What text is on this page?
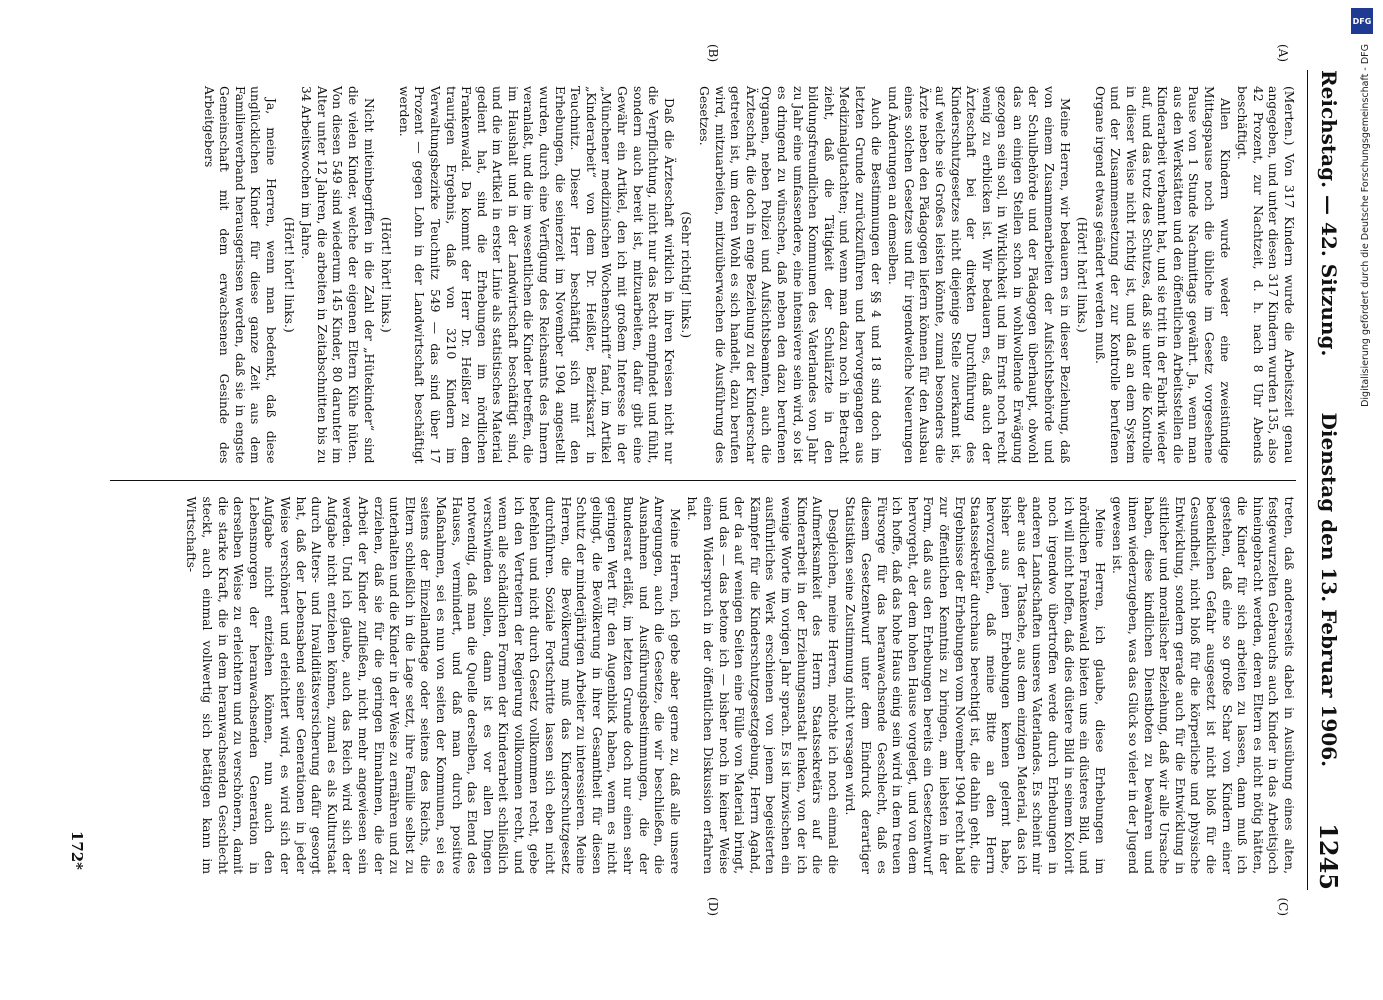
Reichstag. — 42. Sitzung.
Dienstag den 13. Februar 1906.
1245
(A)
(B)
(C)
(D)

(Merten.) Von 317 Kindern wurde die Arbeitszeit genau angegeben, und unter diesen 317 Kindern wurden 135, also 42 Prozent, zur Nachtzeit, d. h. nach 8 Uhr Abends beschäftigt.

Allen Kindern wurde weder eine zweistündige Mittagspause noch die übliche im Gesetz vorgesehene Pause von 1 Stunde Nachmittags gewährt. Ja, wenn man aus den Werkstätten und den öffentlichen Arbeitsstellen die Kinderarbeit verbannt hat, und sie tritt in der Fabrik wieder auf, und das trotz des Schutzes, daß sie unter die Kontrolle in dieser Weise nicht richtig ist, und daß an dem System und der Zusammensetzung der zur Kontrolle berufenen Organe irgend etwas geändert werden muß.

(Hört! hört! links.)

Meine Herren, wir bedauern es in dieser Beziehung, daß von einem Zusammenarbeiten der Aufsichtsbehörde und der Schulbehörde und der Pädagogen überhaupt, obwohl das an einigen Stellen schon in wohlwollende Erwägung gezogen sein soll, in Wirklichkeit und im Ernst noch recht wenig zu erblicken ist. Wir bedauern es, daß auch der Ärzteschaft bei der direkten Durchführung des Kinderschutzgesetzes nicht diejenige Stelle zuerkannt ist, auf welche sie Großes leisten könnte, zumal besonders die Ärzte neben den Pädagogen liefern können für den Ausbau eines solchen Gesetzes und für irgendwelche Neuerungen und Änderungen an demselben.

Auch die Bestimmungen der §§ 4 und 18 sind doch im letzten Grunde zurückzuführen und hervorgegangen aus Medizinalgutachten; und wenn man dazu noch in Betracht zieht, daß die Tätigkeit der Schulärzte in den bildungsfreundlichen Kommunen des Vaterlandes von Jahr zu Jahr eine umfassendere, eine intensivere sein wird, so ist es dringend zu wünschen, daß neben den dazu berufenen Organen, neben Polizei und Aufsichtsbeamten, auch die Ärzteschaft, die doch in enge Beziehung zu der Kinderschar getreten ist, um deren Wohl es sich handelt, dazu berufen wird, mitzuarbeiten, mitzuüberwachen die Ausführung des Gesetzes.

(Sehr richtig! links.)

Daß die Ärzteschaft wirklich in ihren Kreisen nicht nur die Verpflichtung, nicht nur das Recht empfindet und fühlt, sondern auch bereit ist, mitzuarbeiten, dafür gibt eine Gewähr ein Artikel, den ich mit großem Interesse in der „Münchener medizinischen Wochenschrift“ fand, im Artikel „Kinderarbeit“ von dem Dr. Heißler, Bezirksarzt in Teuchnitz. Dieser Herr beschäftigt sich mit den Erhebungen, die seinerzeit im November 1904 angestellt wurden, durch eine Verfügung des Reichsamts des Innern veranlaßt, und die im wesentlichen die Kinder betreffen, die im Haushalt und in der Landwirtschaft beschäftigt sind, und die im Artikel in erster Linie als statistisches Material gedient hat, sind die Erhebungen im nördlichen Frankenwald. Da kommt der Herr Dr. Heißler zu dem traurigen Ergebnis, daß von 3210 Kindern im Verwaltungsbezirke Teuchnitz 549 — das sind über 17 Prozent — gegen Lohn in der Landwirtschaft beschäftigt werden.

(Hört! hört! links.)

Nicht miteinbegriffen in die Zahl der „Hütekinder“ sind die vielen Kinder, welche der eigenen Eltern Kühe hüten. Von diesen 549 sind wiederum 145 Kinder, 80 darunter im Alter unter 12 Jahren, die arbeiten in Zeitabschnitten bis zu 34 Arbeitswochen im Jahre.

(Hört! hört! links.)

Ja, meine Herren, wenn man bedenkt, daß diese unglücklichen Kinder für diese ganze Zeit aus dem Familienverband herausgerissen werden, daß sie in engste Gemeinschaft mit dem erwachsenen Gesinde des Arbeitgebers

treten, daß andererseits dabei in Ausübung eines alten, festgewurzelten Gebrauchs auch Kinder in das Arbeitsjoch hineingebracht werden, deren Eltern es nicht nötig hätten, die Kinder für sich arbeiten zu lassen, dann muß ich gestehen, daß eine so große Schar von Kindern einer bedenklichen Gefahr ausgesetzt ist nicht bloß für die Gesundheit, nicht bloß für die körperliche und physische Entwicklung, sondern gerade auch für die Entwicklung in sittlicher und moralischer Beziehung, daß wir alle Ursache haben, diese kindlichen Dienstboten zu bewahren und ihnen wiederzugeben, was das Glück so vieler in der Jugend gewesen ist.

Meine Herren, ich glaube, diese Erhebungen im nördlichen Frankenwald bieten uns ein düsteres Bild, und ich will nicht hoffen, daß dies düstere Bild in seinem Kolorit noch irgendwo übertroffen werde durch Erhebungen in anderen Landschaften unseres Vaterlandes. Es scheint mir aber aus der Tatsache, aus dem einzigen Material, das ich bisher aus jenen Erhebungen kennen gelernt habe, hervorzugehen, daß meine Bitte an den Herrn Staatssekretär durchaus berechtigt ist, die dahin geht, die Ergebnisse der Erhebungen vom November 1904 recht bald zur öffentlichen Kenntnis zu bringen, am liebsten in der Form, daß aus den Erhebungen bereits ein Gesetzentwurf hervorgeht, der dem hohen Hause vorgelegt, und von dem ich hoffe, daß das hohe Haus einig sein wird in dem treuen Fürsorge für das heranwachsende Geschlecht, daß es diesem Gesetzentwurf unter dem Eindruck derartiger Statistiken seine Zustimmung nicht versagen wird.

Desgleichen, meine Herren, möchte ich noch einmal die Aufmerksamkeit des Herrn Staatssekretärs auf die Kinderarbeit in der Erziehungsanstalt lenken, von der ich wenige Worte im vorigen Jahr sprach. Es ist inzwischen ein ausführliches Werk erschienen von jenem begeisterten Kämpfer für die Kinderschutzgesetzgebung, Herrn Agahd, der da auf wenigen Seiten eine Fülle von Material bringt, und das — das betone ich — bisher noch in keiner Weise einen Widerspruch in der öffentlichen Diskussion erfahren hat.

Meine Herren, ich gebe aber gerne zu, daß alle unsere Anregungen, auch die Gesetze, die wir beschließen, die Ausnahmen und Ausführungsbestimmungen, die der Bundesrat erläßt, im letzten Grunde doch nur einen sehr geringen Wert für den Augenblick haben, wenn es nicht gelingt, die Bevölkerung in ihrer Gesamtheit für diesen Schutz der minderjährigen Arbeiter zu interessieren. Meine Herren, die Bevölkerung muß das Kinderschutzgesetz durchführen. Soziale Fortschritte lassen sich eben nicht befehlen und nicht durch Gesetz vollkommen recht, gebe ich den Vertretern der Regierung vollkommen recht, und wenn alle schädlichen Formen der Kinderarbeit schließlich verschwinden sollen, dann ist es vor allen Dingen notwendig, daß man die Quelle derselben, das Elend des Hauses, vermindert, und daß man durch positive Maßnahmen, sei es nun von seiten der Kommunen, sei es seitens der Einzellandtage oder seitens des Reichs, die Eltern schließlich in die Lage setzt, ihre Familie selbst zu unterhalten und die Kinder in der Weise zu ernähren und zu erziehen, daß sie für die geringen Einnahmen, die der Arbeit der Kinder zufließen, nicht mehr angewiesen sein werden. Und ich glaube, auch das Reich wird sich der Aufgabe nicht entziehen können, zumal es als Kulturstaat durch Alters- und Invaliditätsversicherung dafür gesorgt hat, daß der Lebensabend seiner Generationen in jeder Weise verschönert und erleichtert wird, es wird sich der Aufgabe nicht entziehen können, nun auch den Lebensmorgen der heranwachsenden Generation in derselben Weise zu erleichtern und zu verschönern, damit die starke Kraft, die in dem heranwachsenden Geschlecht steckt, auch einmal vollwertig sich betätigen kann im Wirtschafts-

172*
DFG
Digitalisierung gefördert durch die Deutsche Forschungsgemeinschaft - DFG
